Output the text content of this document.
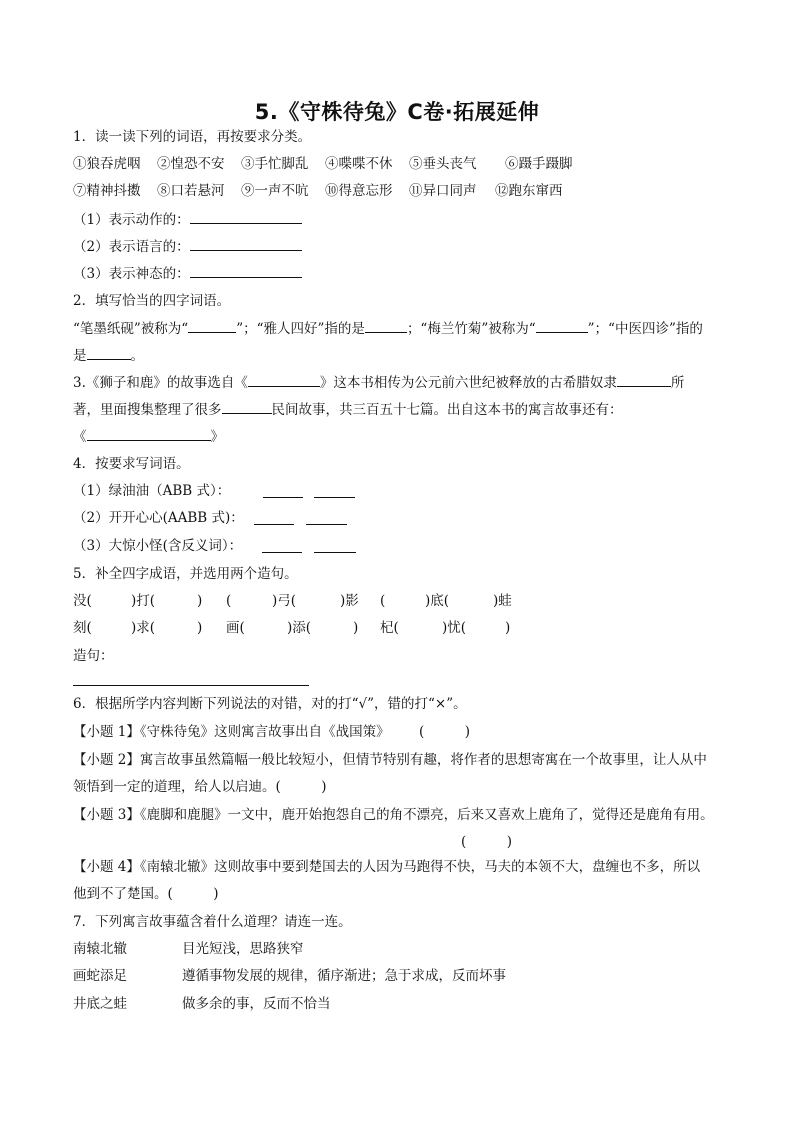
5.《守株待兔》C卷·拓展延伸
1．读一读下列的词语，再按要求分类。
①狼吞虎咽 ②惶恐不安 ③手忙脚乱 ④喋喋不休 ⑤垂头丧气 ⑥蹑手蹑脚
⑦精神抖擞 ⑧口若悬河 ⑨一声不吭 ⑩得意忘形 ⑪异口同声 ⑫跑东窜西
（1）表示动作的：
（2）表示语言的：
（3）表示神态的：
2．填写恰当的四字词语。
“笔墨纸砚”被称为“	”；“雅人四好”指的是	；“梅兰竹菊”被称为“	”；“中医四诊”指的
是	。
3.《狮子和鹿》的故事选自《	》这本书相传为公元前六世纪被释放的古希腊奴隶	所
著，里面搜集整理了很多	民间故事，共三百五十七篇。出自这本书的寓言故事还有：
《	》
4．按要求写词语。
（1）绿油油（ABB 式）：
（2）开开心心(AABB 式)：
（3）大惊小怪(含反义词）：
5．补全四字成语，并选用两个造句。
没(	)打(	) (	)弓(	)影 (	)底(	)蛙
刻(	)求(	) 画(	)添(	) 杞(	)忧(	)
造句：
6．根据所学内容判断下列说法的对错，对的打“√”，错的打“×”。
【小题 1】《守株待兔》这则寓言故事出自《战国策》 (　　　)
【小题 2】寓言故事虽然篇幅一般比较短小，但情节特别有趣，将作者的思想寄寓在一个故事里，让人从中
领悟到一定的道理，给人以启迪。(　　　)
【小题 3】《鹿脚和鹿腿》一文中，鹿开始抱怨自己的角不漂亮，后来又喜欢上鹿角了，觉得还是鹿角有用。
(　　　)
【小题 4】《南辕北辙》这则故事中要到楚国去的人因为马跑得不快，马夫的本领不大，盘缠也不多，所以
他到不了楚国。(　　　)
7．下列寓言故事蕴含着什么道理？请连一连。
南辕北辙	目光短浅，思路狭窄
画蛇添足	遵循事物发展的规律，循序渐进；急于求成，反而坏事
井底之蛙	做多余的事，反而不恰当
